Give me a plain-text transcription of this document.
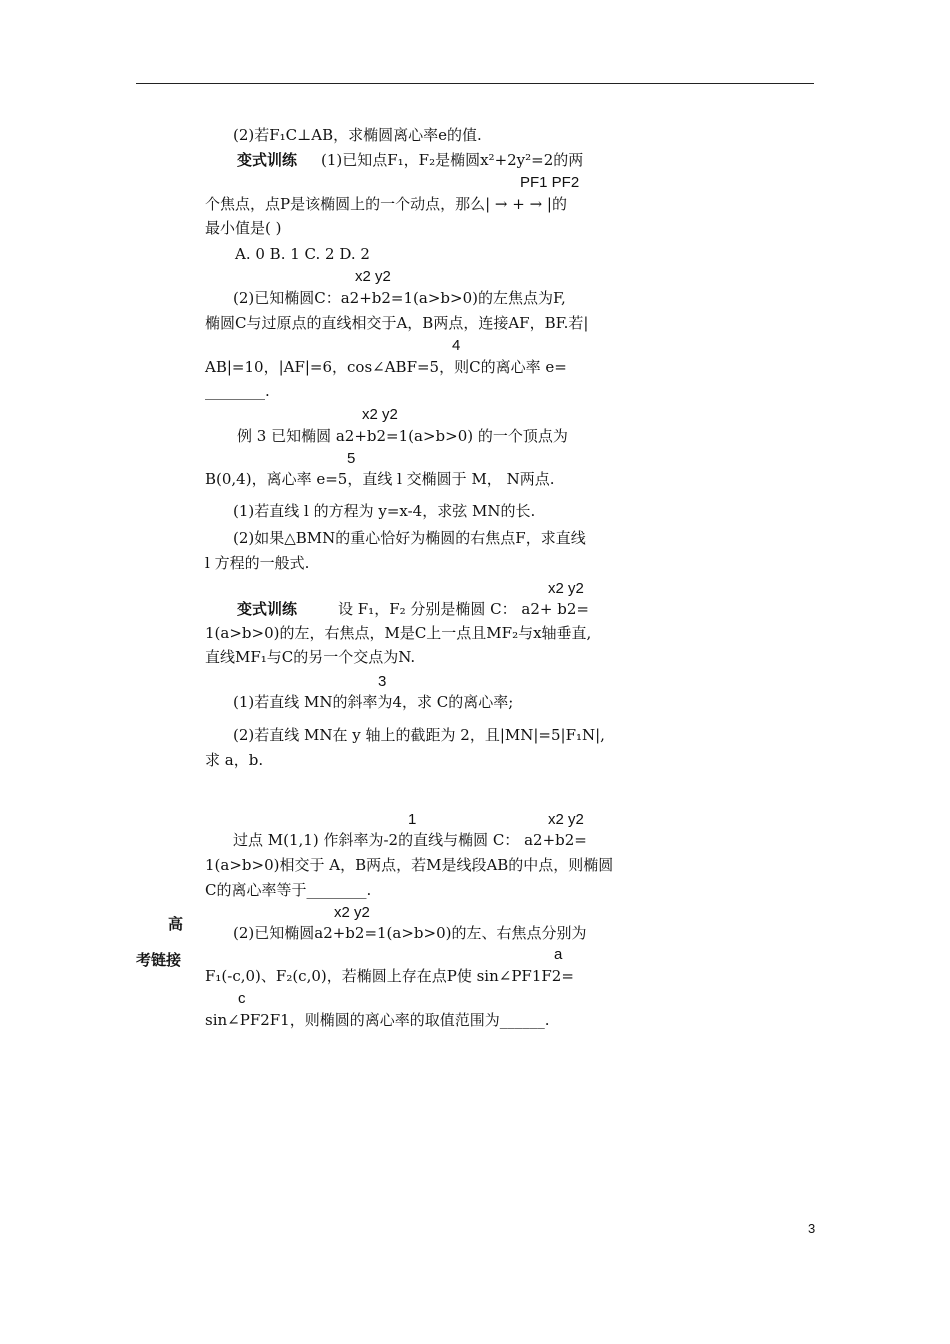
(2)若F₁C⊥AB，求椭圆离心率e的值.
变式训练 (1)已知点F₁，F₂是椭圆x²+2y²=2的两
PF1 PF2
个焦点，点P是该椭圆上的一个动点，那么| → + → |的
最小值是( )
A. 0 B. 1 C. 2 D. 2
x2 y2
(2)已知椭圆C：a2+b2=1(a>b>0)的左焦点为F,
椭圆C与过原点的直线相交于A，B两点，连接AF，BF.若|
4
AB|=10，|AF|=6，cos∠ABF=5，则C的离心率 e=
________.
x2 y2
例 3 已知椭圆 a2+b2=1(a>b>0) 的一个顶点为
5
B(0,4)，离心率 e=5，直线 l 交椭圆于 M， N两点.
(1)若直线 l 的方程为 y=x-4，求弦 MN的长.
(2)如果△BMN的重心恰好为椭圆的右焦点F，求直线
l 方程的一般式.
x2 y2
变式训练	设 F₁，F₂ 分别是椭圆 C： a2+ b2=
1(a>b>0)的左，右焦点，M是C上一点且MF₂与x轴垂直,
直线MF₁与C的另一个交点为N.
3
(1)若直线 MN的斜率为4，求 C的离心率;
(2)若直线 MN在 y 轴上的截距为 2，且|MN|=5|F₁N|,
求 a，b.
1	x2 y2
过点 M(1,1) 作斜率为-2的直线与椭圆 C： a2+b2=
1(a>b>0)相交于 A，B两点，若M是线段AB的中点，则椭圆
C的离心率等于________.
高
考链接
x2 y2
(2)已知椭圆a2+b2=1(a>b>0)的左、右焦点分别为
a
F₁(-c,0)、F₂(c,0)，若椭圆上存在点P使 sin∠PF1F2=
c
sin∠PF2F1，则椭圆的离心率的取值范围为______.
3
